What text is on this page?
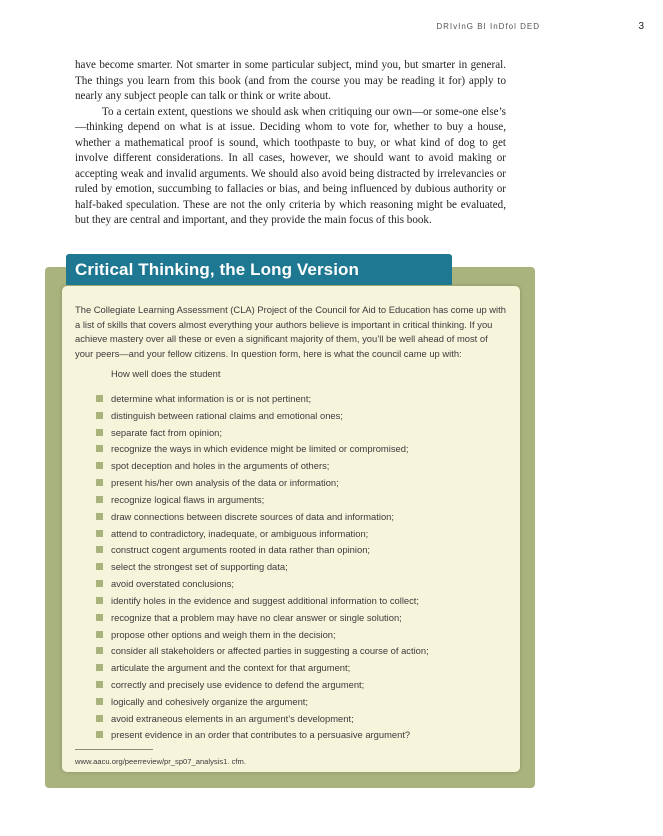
DRIvInG BI InDfol DED	3

have become smarter. Not smarter in some particular subject, mind you, but smarter in general. The things you learn from this book (and from the course you may be reading it for) apply to nearly any subject people can talk or think or write about.

To a certain extent, questions we should ask when critiquing our own—or some-one else’s—thinking depend on what is at issue. Deciding whom to vote for, whether to buy a house, whether a mathematical proof is sound, which toothpaste to buy, or what kind of dog to get involve different considerations. In all cases, however, we should want to avoid making or accepting weak and invalid arguments. We should also avoid being distracted by irrelevancies or ruled by emotion, succumbing to fallacies or bias, and being influenced by dubious authority or half-baked speculation. These are not the only criteria by which reasoning might be evaluated, but they are central and important, and they provide the main focus of this book.

Critical Thinking, the Long Version

The Collegiate Learning Assessment (CLA) Project of the Council for Aid to Education has come up with a list of skills that covers almost everything your authors believe is important in critical thinking. If you achieve mastery over all these or even a significant majority of them, you’ll be well ahead of most of your peers—and your fellow citizens. In question form, here is what the council came up with:

How well does the student
determine what information is or is not pertinent;
distinguish between rational claims and emotional ones;
separate fact from opinion;
recognize the ways in which evidence might be limited or compromised;
spot deception and holes in the arguments of others;
present his/her own analysis of the data or information;
recognize logical flaws in arguments;
draw connections between discrete sources of data and information;
attend to contradictory, inadequate, or ambiguous information;
construct cogent arguments rooted in data rather than opinion;
select the strongest set of supporting data;
avoid overstated conclusions;
identify holes in the evidence and suggest additional information to collect;
recognize that a problem may have no clear answer or single solution;
propose other options and weigh them in the decision;
consider all stakeholders or affected parties in suggesting a course of action;
articulate the argument and the context for that argument;
correctly and precisely use evidence to defend the argument;
logically and cohesively organize the argument;
avoid extraneous elements in an argument’s development;
present evidence in an order that contributes to a persuasive argument?
www.aacu.org/peerreview/pr_sp07_analysis1. cfm.
